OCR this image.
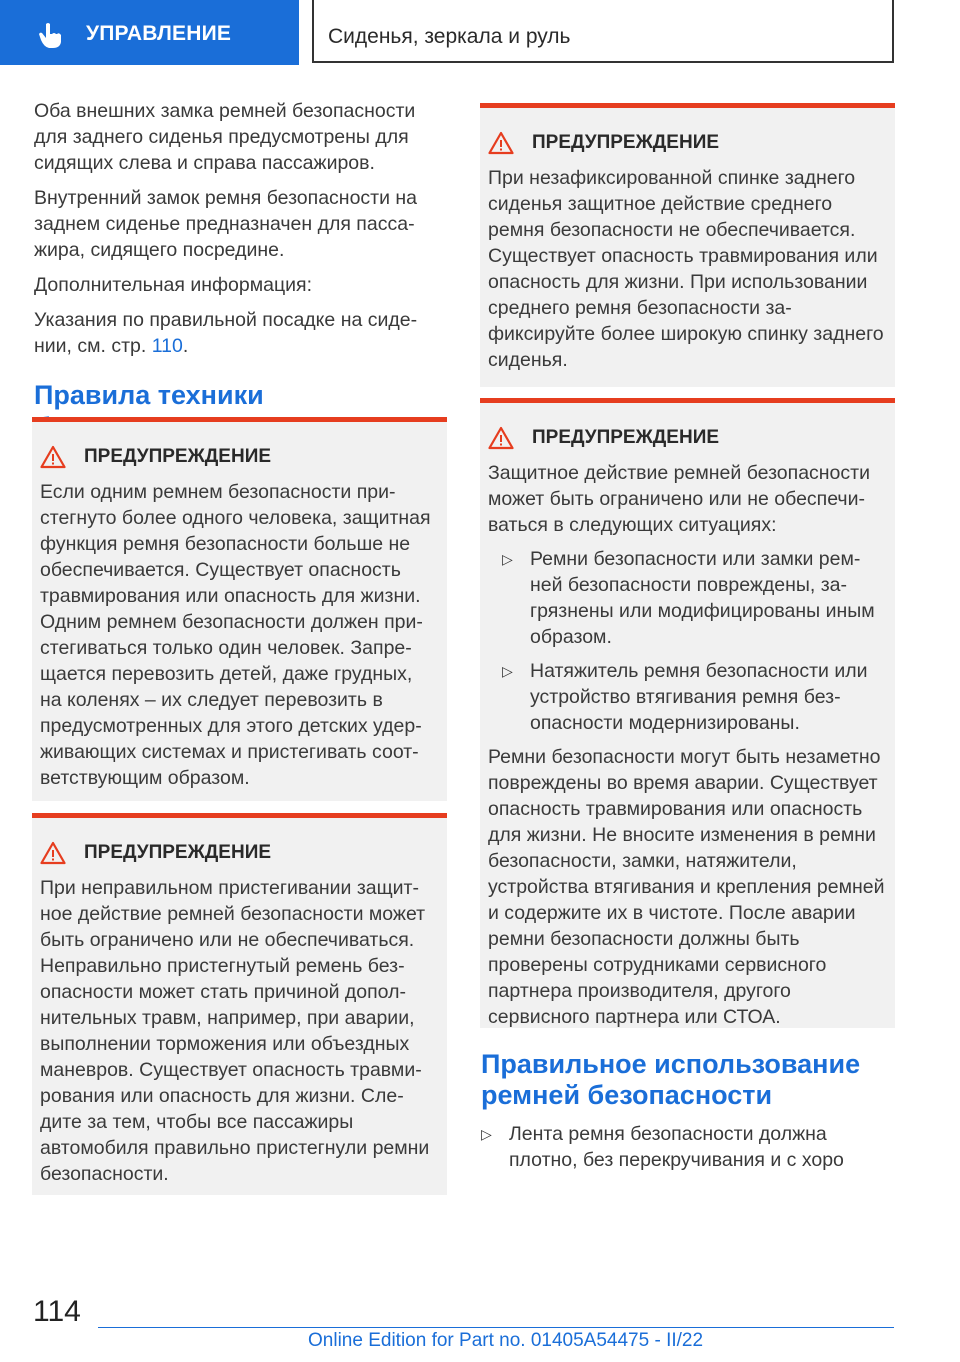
УПРАВЛЕНИЕ	Сиденья, зеркала и руль

Оба внешних замка ремней безопасности для заднего сиденья предусмотрены для сидящих слева и справа пассажиров.

Внутренний замок ремня безопасности на заднем сиденье предназначен для пассажира, сидящего посредине.

Дополнительная информация:

Указания по правильной посадке на сидении, см. стр. 110.

Правила техники
ПРЕДУПРЕЖДЕНИЕ

Если одним ремнем безопасности пристегнуто более одного человека, защитная функция ремня безопасности больше не обеспечивается. Существует опасность травмирования или опасность для жизни. Одним ремнем безопасности должен пристегиваться только один человек. Запрещается перевозить детей, даже грудных, на коленях – их следует перевозить в предусмотренных для этого детских удерживающих системах и пристегивать соответствующим образом.

ПРЕДУПРЕЖДЕНИЕ

При неправильном пристегивании защитное действие ремней безопасности может быть ограничено или не обеспечиваться. Неправильно пристегнутый ремень безопасности может стать причиной дополнительных травм, например, при аварии, выполнении торможения или объездных маневров. Существует опасность травмирования или опасность для жизни. Следите за тем, чтобы все пассажиры автомобиля правильно пристегнули ремни безопасности.

ПРЕДУПРЕЖДЕНИЕ

При незафиксированной спинке заднего сиденья защитное действие среднего ремня безопасности не обеспечивается. Существует опасность травмирования или опасность для жизни. При использовании среднего ремня безопасности зафиксируйте более широкую спинку заднего сиденья.

ПРЕДУПРЕЖДЕНИЕ

Защитное действие ремней безопасности может быть ограничено или не обеспечиваться в следующих ситуациях:

▷ Ремни безопасности или замки ремней безопасности повреждены, загрязнены или модифицированы иным образом.
▷ Натяжитель ремня безопасности или устройство втягивания ремня безопасности модернизированы.

Ремни безопасности могут быть незаметно повреждены во время аварии. Существует опасность травмирования или опасность для жизни. Не вносите изменения в ремни безопасности, замки, натяжители, устройства втягивания и крепления ремней и содержите их в чистоте. После аварии ремни безопасности должны быть проверены сотрудниками сервисного партнера производителя, другого сервисного партнера или СТОА.

Правильное использование ремней безопасности
▷ Лента ремня безопасности должна плотно, без перекручивания и с хоро
114
Online Edition for Part no. 01405A54475 - II/22
